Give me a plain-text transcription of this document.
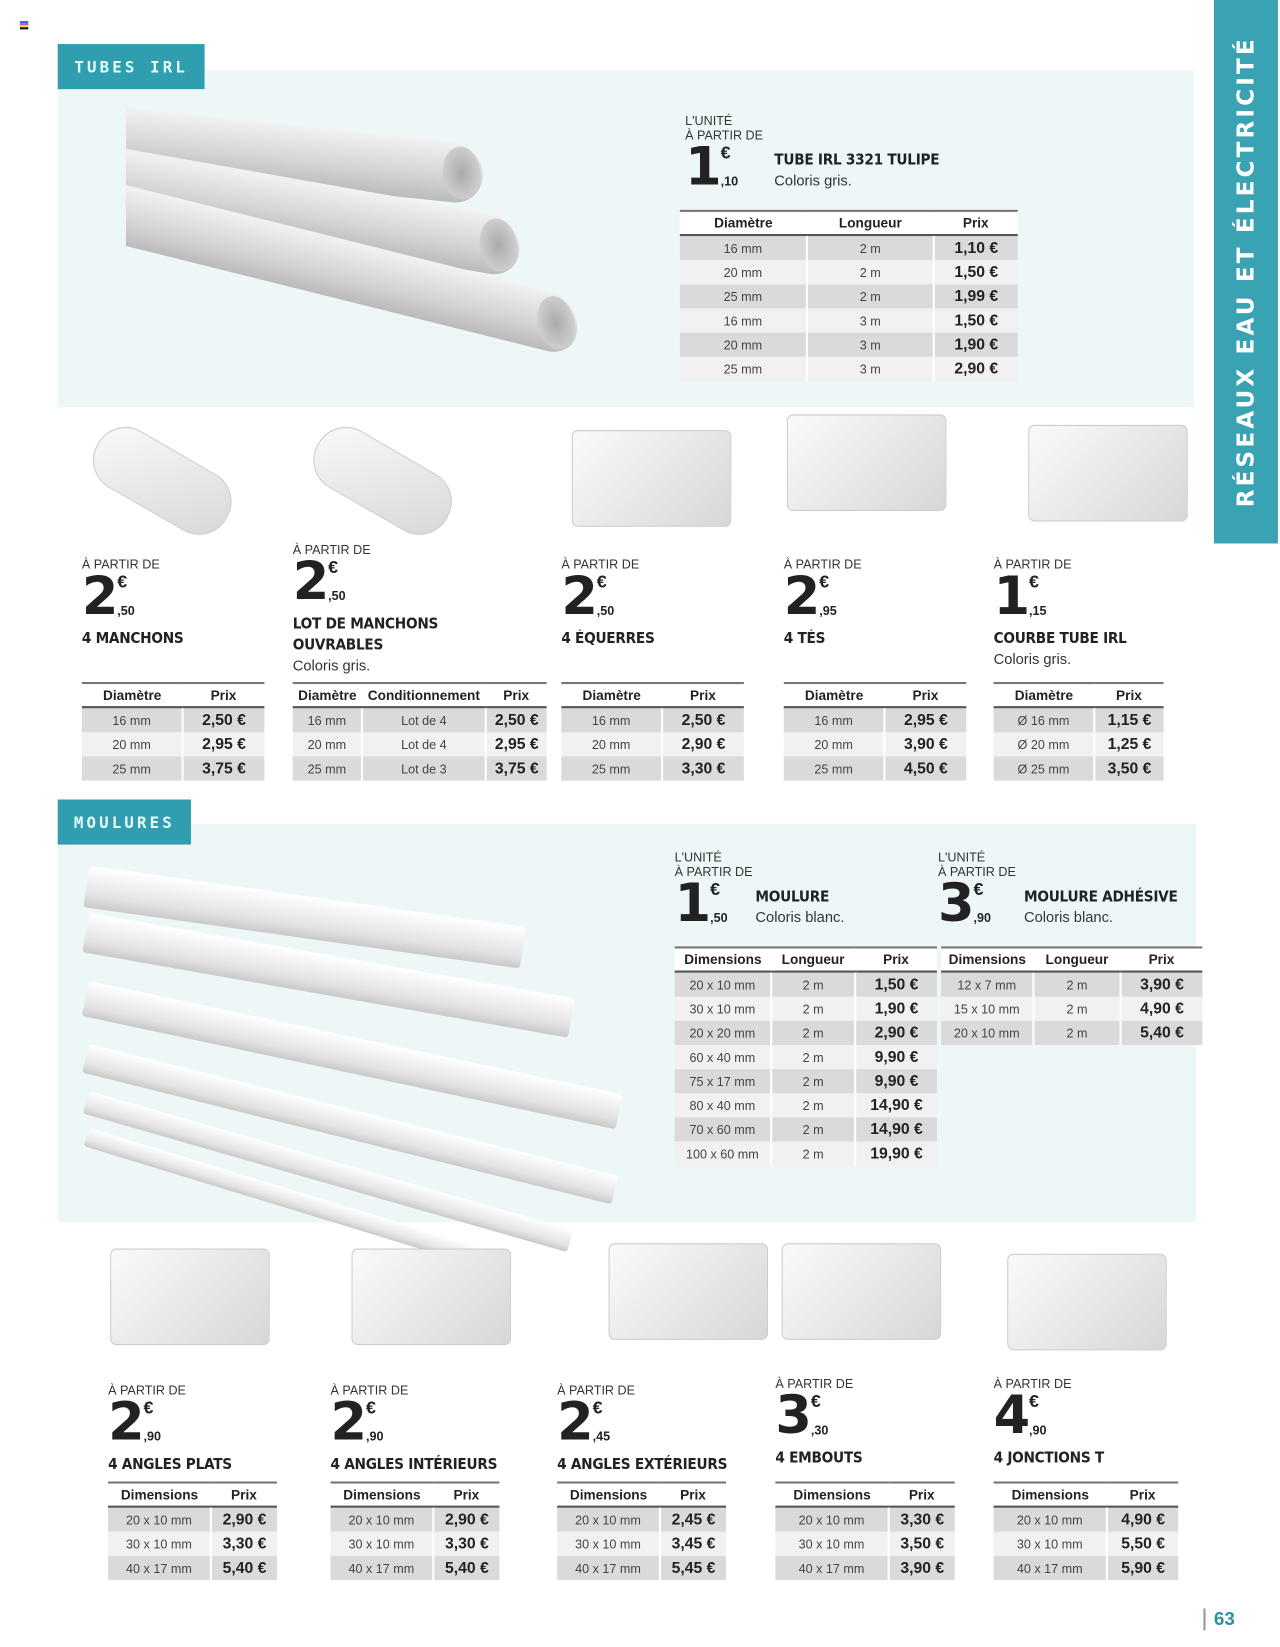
RÉSEAUX EAU ET ÉLECTRICITÉ
TUBES IRL
MOULURES
L'UNITÉ
À PARTIR DE
1 €
,10
TUBE IRL 3321 TULIPE
Coloris gris.
Diamètre	Longueur	Prix
16 mm	2 m	1,10 €
20 mm	2 m	1,50 €
25 mm	2 m	1,99 €
16 mm	3 m	1,50 €
20 mm	3 m	1,90 €
25 mm	3 m	2,90 €
L'UNITÉ
À PARTIR DE
1 €
,50
MOULURE
Coloris blanc.
Dimensions	Longueur	Prix
20 x 10 mm	2 m	1,50 €
30 x 10 mm	2 m	1,90 €
20 x 20 mm	2 m	2,90 €
60 x 40 mm	2 m	9,90 €
75 x 17 mm	2 m	9,90 €
80 x 40 mm	2 m	14,90 €
70 x 60 mm	2 m	14,90 €
100 x 60 mm	2 m	19,90 €
L'UNITÉ
À PARTIR DE
3 €
,90
MOULURE ADHÉSIVE
Coloris blanc.
Dimensions	Longueur	Prix
12 x 7 mm	2 m	3,90 €
15 x 10 mm	2 m	4,90 €
20 x 10 mm	2 m	5,40 €
À PARTIR DE
2 €
,50
4 MANCHONS
Diamètre	Prix
16 mm	2,50 €
20 mm	2,95 €
25 mm	3,75 €
À PARTIR DE
2 €
,50
LOT DE MANCHONS
OUVRABLES
Coloris gris.
Diamètre	Conditionnement	Prix
16 mm	Lot de 4	2,50 €
20 mm	Lot de 4	2,95 €
25 mm	Lot de 3	3,75 €
À PARTIR DE
2 €
,50
4 ÉQUERRES
Diamètre	Prix
16 mm	2,50 €
20 mm	2,90 €
25 mm	3,30 €
À PARTIR DE
2 €
,95
4 TÉS
Diamètre	Prix
16 mm	2,95 €
20 mm	3,90 €
25 mm	4,50 €
À PARTIR DE
1 €
,15
COURBE TUBE IRL
Coloris gris.
Diamètre	Prix
Ø 16 mm	1,15 €
Ø 20 mm	1,25 €
Ø 25 mm	3,50 €
À PARTIR DE
2 €
,90
4 ANGLES PLATS
Dimensions	Prix
20 x 10 mm	2,90 €
30 x 10 mm	3,30 €
40 x 17 mm	5,40 €
À PARTIR DE
2 €
,90
4 ANGLES INTÉRIEURS
Dimensions	Prix
20 x 10 mm	2,90 €
30 x 10 mm	3,30 €
40 x 17 mm	5,40 €
À PARTIR DE
2 €
,45
4 ANGLES EXTÉRIEURS
Dimensions	Prix
20 x 10 mm	2,45 €
30 x 10 mm	3,45 €
40 x 17 mm	5,45 €
À PARTIR DE
3 €
,30
4 EMBOUTS
Dimensions	Prix
20 x 10 mm	3,30 €
30 x 10 mm	3,50 €
40 x 17 mm	3,90 €
À PARTIR DE
4 €
,90
4 JONCTIONS T
Dimensions	Prix
20 x 10 mm	4,90 €
30 x 10 mm	5,50 €
40 x 17 mm	5,90 €
63
